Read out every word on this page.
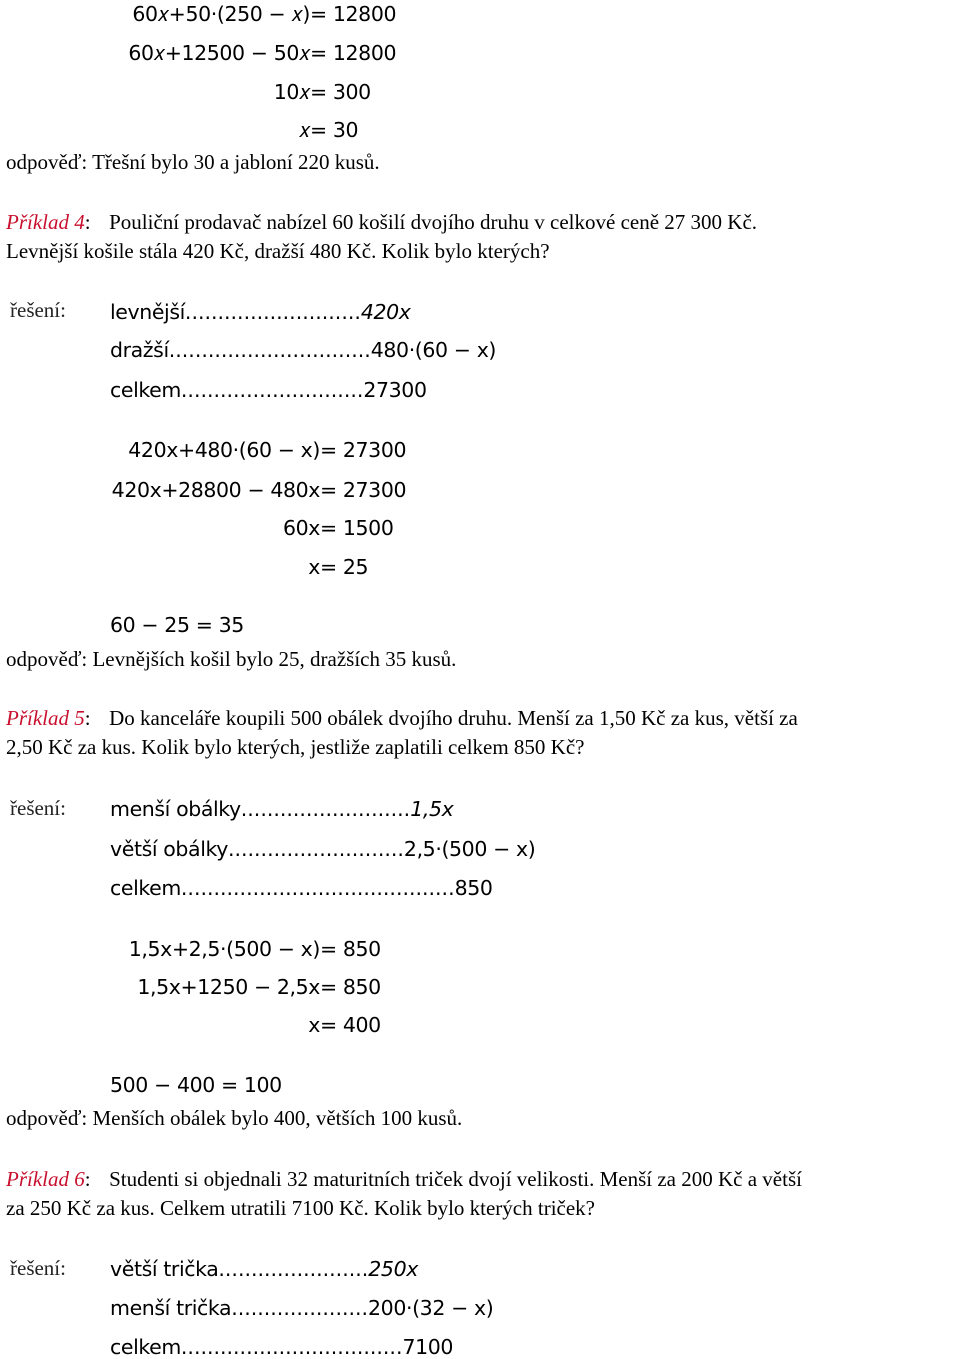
60𝑥+50·(250 − 𝑥) = 12800
60𝑥+12500 − 50𝑥 = 12800
10𝑥 = 300
𝑥 = 30
odpověď: Třešní bylo 30 a jabloní 220 kusů.
Příklad 4: Pouliční prodavač nabízel 60 košilí dvojího druhu v celkové ceně 27 300 Kč.
Levnější košile stála 420 Kč, dražší 480 Kč. Kolik bylo kterých?
řešení: levnější...........................420x
dražší...............................480·(60 − x)
celkem............................27300
420x+480·(60 − x) = 27300
420x+28800 − 480x = 27300
60x = 1500
x = 25
60 − 25 = 35
odpověď: Levnějších košil bylo 25, dražších 35 kusů.
Příklad 5: Do kanceláře koupili 500 obálek dvojího druhu. Menší za 1,50 Kč za kus, větší za
2,50 Kč za kus. Kolik bylo kterých, jestliže zaplatili celkem 850 Kč?
řešení: menší obálky..........................1,5x
větší obálky...........................2,5·(500 − x)
celkem..........................................850
1,5x+2,5·(500 − x) = 850
1,5x+1250 − 2,5x = 850
x = 400
500 − 400 = 100
odpověď: Menších obálek bylo 400, větších 100 kusů.
Příklad 6: Studenti si objednali 32 maturitních triček dvojí velikosti. Menší za 200 Kč a větší
za 250 Kč za kus. Celkem utratili 7100 Kč. Kolik bylo kterých triček?
řešení: větší trička.......................250x
menší trička.....................200·(32 − x)
celkem..................................7100
